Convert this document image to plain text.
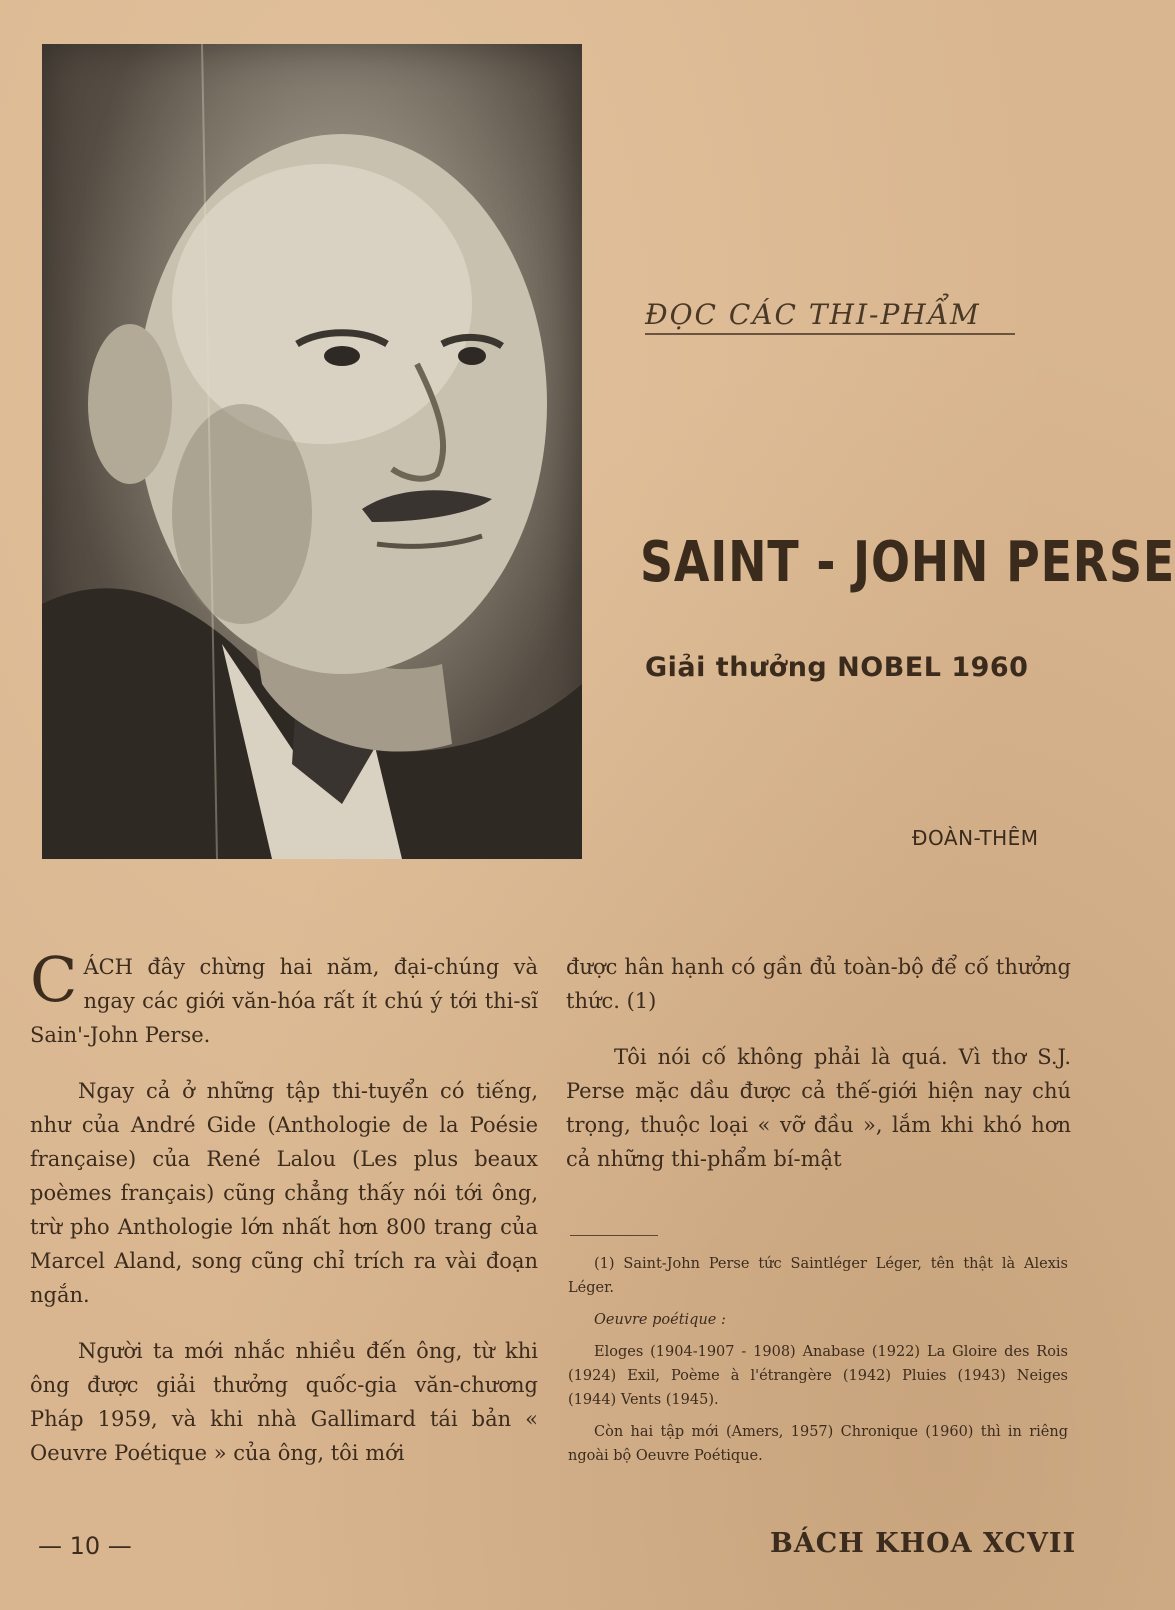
ĐỌC CÁC THI-PHẨM
SAINT - JOHN PERSE
Giải thưởng NOBEL 1960
ĐOÀN-THÊM

CÁCH đây chừng hai năm, đại-chúng và ngay các giới văn-hóa rất ít chú ý tới thi-sĩ Sain'-John Perse.

Ngay cả ở những tập thi-tuyển có tiếng, như của André Gide (Anthologie de la Poésie française) của René Lalou (Les plus beaux poèmes français) cũng chẳng thấy nói tới ông, trừ pho Anthologie lớn nhất hơn 800 trang của Marcel Aland, song cũng chỉ trích ra vài đoạn ngắn.

Người ta mới nhắc nhiều đến ông, từ khi ông được giải thưởng quốc-gia văn-chương Pháp 1959, và khi nhà Gallimard tái bản « Oeuvre Poétique » của ông, tôi mới

được hân hạnh có gần đủ toàn-bộ để cố thưởng thức. (1)

Tôi nói cố không phải là quá. Vì thơ S.J. Perse mặc dầu được cả thế-giới hiện nay chú trọng, thuộc loại « vỡ đầu », lắm khi khó hơn cả những thi-phẩm bí-mật

(1) Saint-John Perse tức Saintléger Léger, tên thật là Alexis Léger.

Oeuvre poétique :

Eloges (1904-1907 - 1908) Anabase (1922) La Gloire des Rois (1924) Exil, Poème à l'étrangère (1942) Pluies (1943) Neiges (1944) Vents (1945).

Còn hai tập mới (Amers, 1957) Chronique (1960) thì in riêng ngoài bộ Oeuvre Poétique.

— 10 —	BÁCH KHOA XCVII
